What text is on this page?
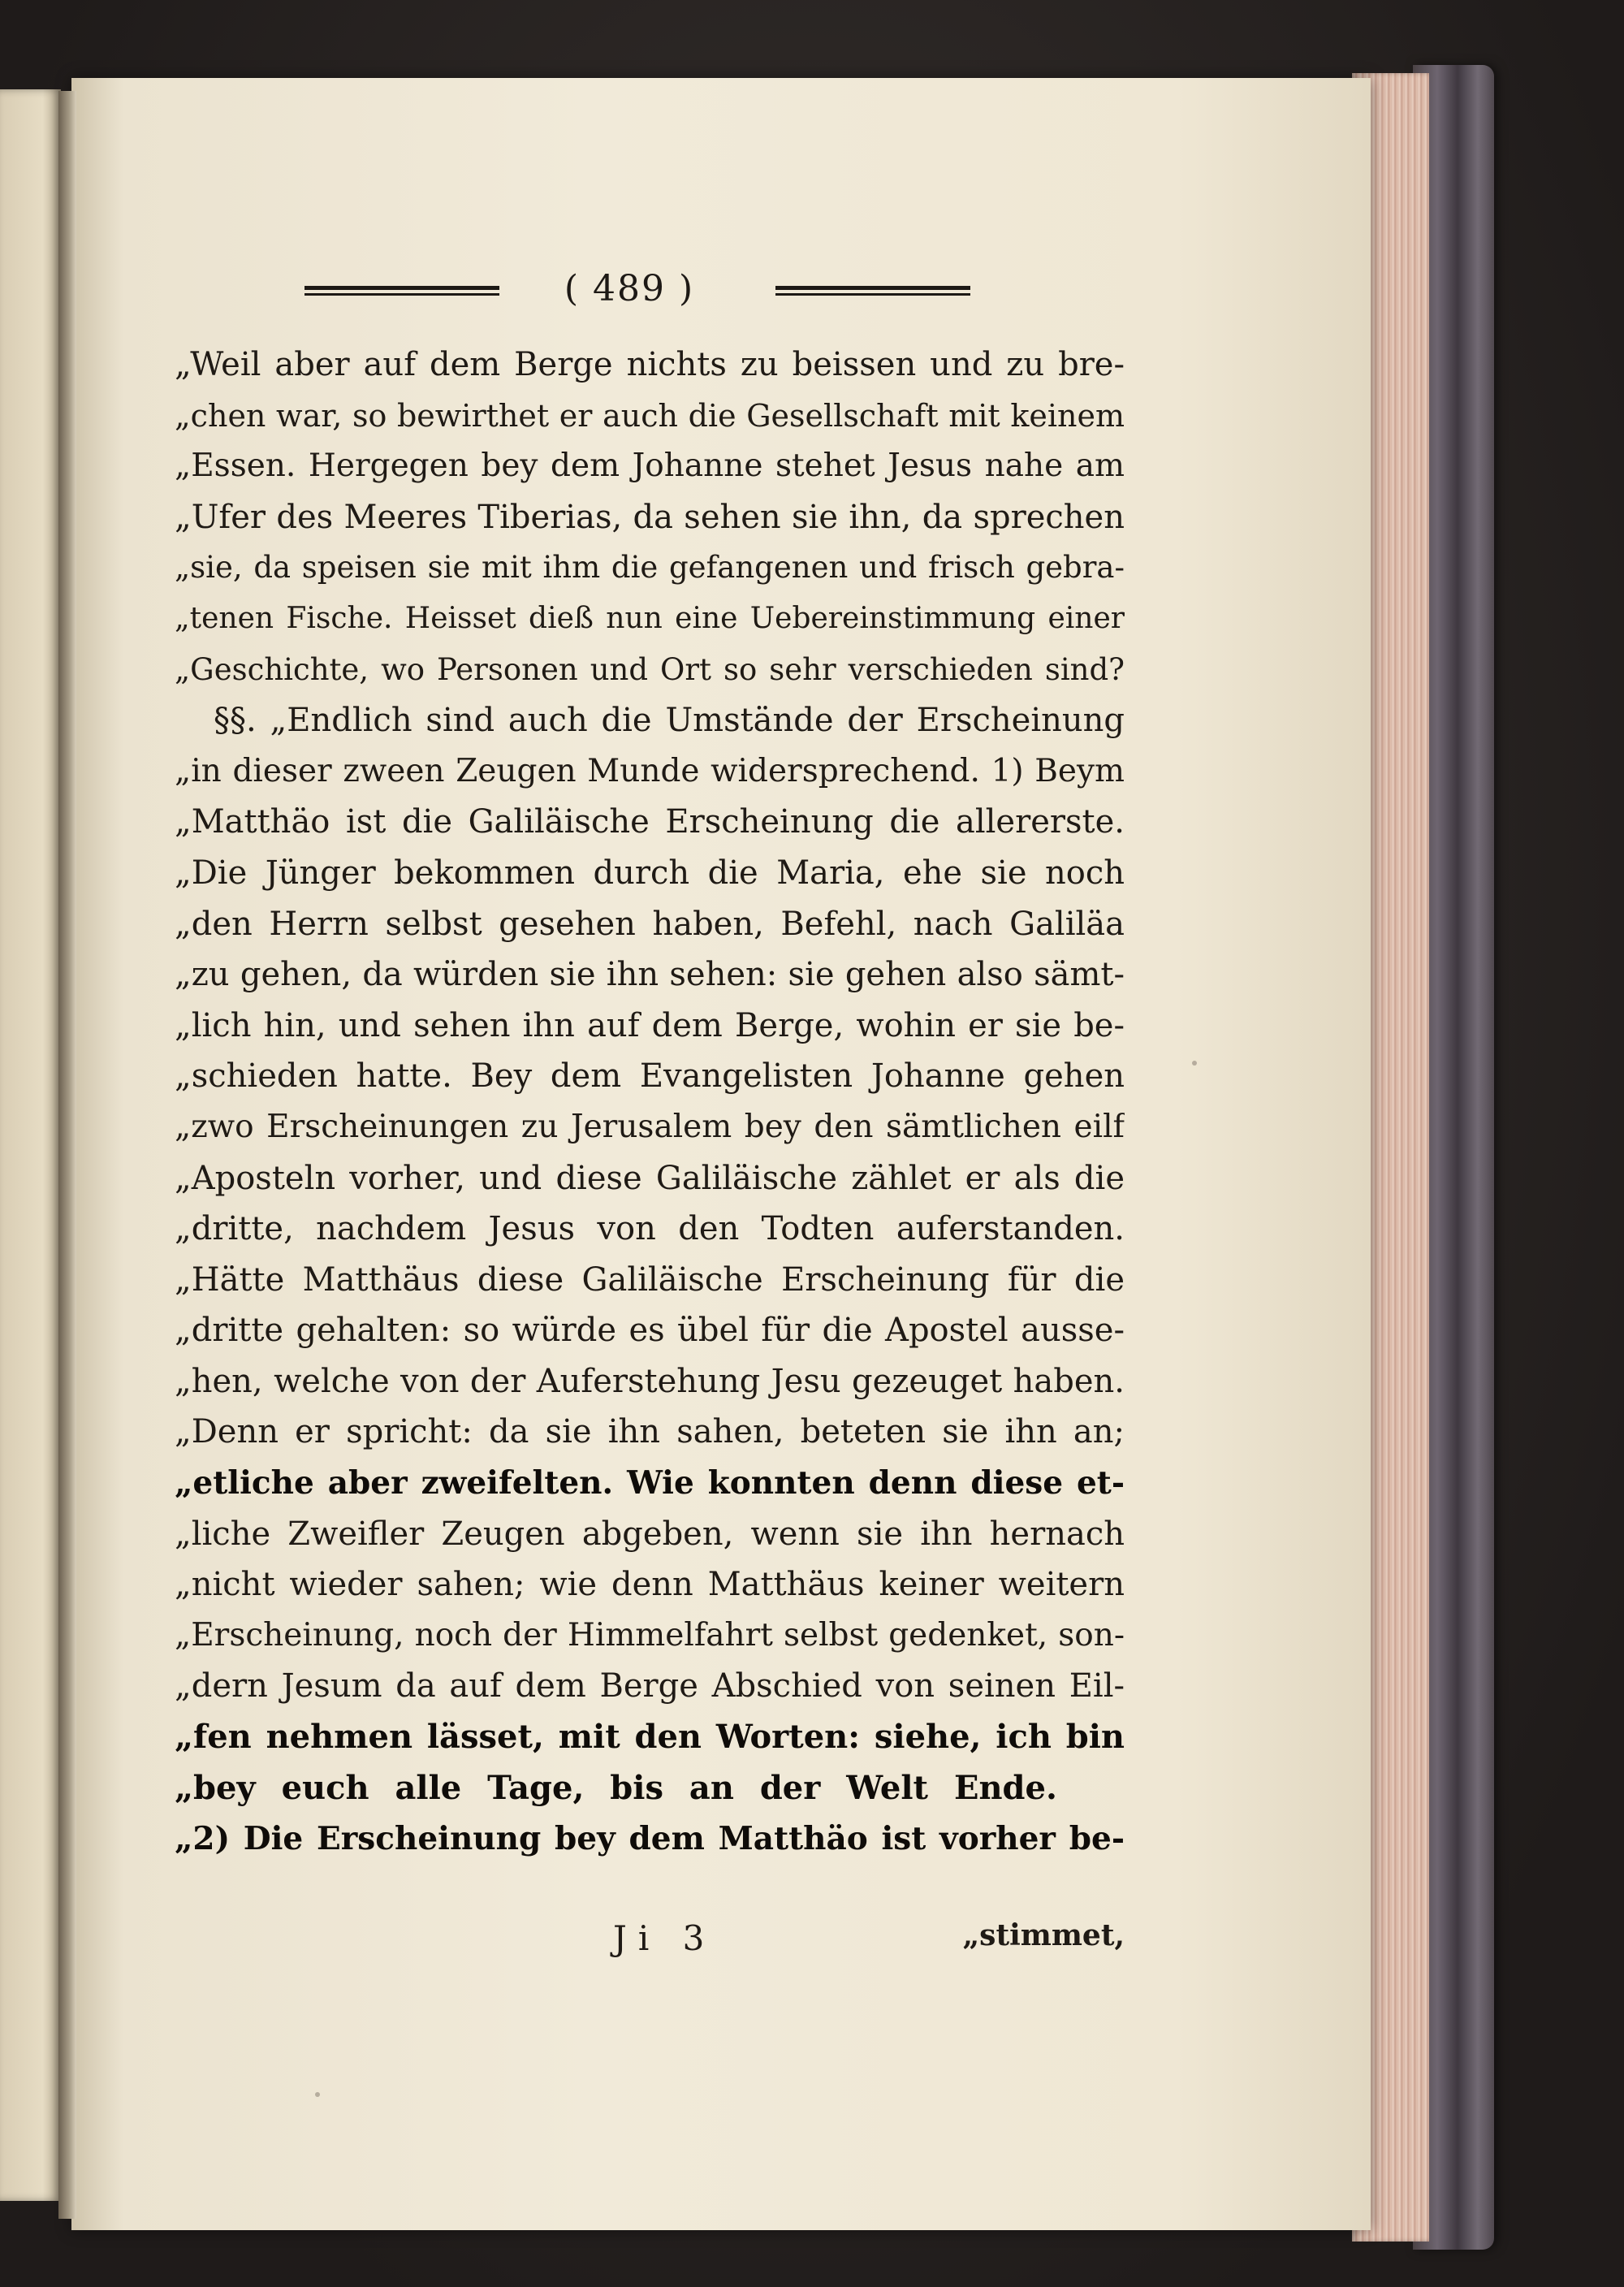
( 489 )
„Weil aber auf dem Berge nichts zu beissen und zu bre-
„chen war, so bewirthet er auch die Gesellschaft mit keinem
„Essen. Hergegen bey dem Johanne stehet Jesus nahe am
„Ufer des Meeres Tiberias, da sehen sie ihn, da sprechen
„sie, da speisen sie mit ihm die gefangenen und frisch gebra-
„tenen Fische. Heisset dieß nun eine Uebereinstimmung einer
„Geschichte, wo Personen und Ort so sehr verschieden sind?
§§. „Endlich sind auch die Umstände der Erscheinung
„in dieser zween Zeugen Munde widersprechend. 1) Beym
„Matthäo ist die Galiläische Erscheinung die allererste.
„Die Jünger bekommen durch die Maria, ehe sie noch
„den Herrn selbst gesehen haben, Befehl, nach Galiläa
„zu gehen, da würden sie ihn sehen: sie gehen also sämt-
„lich hin, und sehen ihn auf dem Berge, wohin er sie be-
„schieden hatte. Bey dem Evangelisten Johanne gehen
„zwo Erscheinungen zu Jerusalem bey den sämtlichen eilf
„Aposteln vorher, und diese Galiläische zählet er als die
„dritte, nachdem Jesus von den Todten auferstanden.
„Hätte Matthäus diese Galiläische Erscheinung für die
„dritte gehalten: so würde es übel für die Apostel ausse-
„hen, welche von der Auferstehung Jesu gezeuget haben.
„Denn er spricht: da sie ihn sahen, beteten sie ihn an;
„etliche aber zweifelten. Wie konnten denn diese et-
„liche Zweifler Zeugen abgeben, wenn sie ihn hernach
„nicht wieder sahen; wie denn Matthäus keiner weitern
„Erscheinung, noch der Himmelfahrt selbst gedenket, son-
„dern Jesum da auf dem Berge Abschied von seinen Eil-
„fen nehmen lässet, mit den Worten: siehe, ich bin
„bey euch alle Tage, bis an der Welt Ende.
„2) Die Erscheinung bey dem Matthäo ist vorher be-
Ji 3	„stimmet,
